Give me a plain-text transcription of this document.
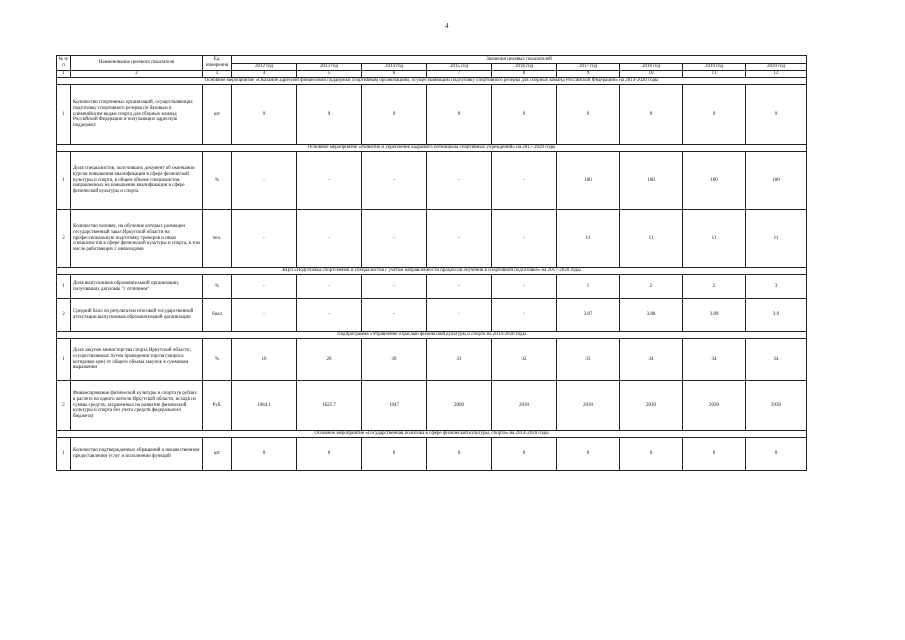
4
№ п/п	Наименование целевого показателя	Ед. измерения	Значения целевых показателей								
			2012 год	2013 год	2014 год	2015 год	2016 год	2017 год	2018 год	2019 год	2020 год
1	2	3	4	5	6	7	8	9	10	11	12
Основное мероприятие «Оказание адресной финансовой поддержки спортивным организациям, осуществляющим подготовку спортивного резерва для сборных команд Российской Федерации» на 2014-2020 годы											
1	Количество спортивных организаций, осуществляющих подготовку спортивного резерва по базовым и олимпийским видам спорта для сборных команд Российской Федерации и получающих адресную поддержку	шт	9	9	9	9	9	9	9	9	9
Основное мероприятие «Развитие и укрепление кадрового потенциала спортивных учреждений» на 2017-2020 годы											
1	Доля специалистов, получивших документ об окончании курсов повышения квалификации в сфере физической культуры и спорта, в общем объеме специалистов, направленных на повышение квалификации в сфере физической культуры и спорта	%	-	-	-	-	-	100	100	100	100
2	Количество человек, на обучение которых размещен государственный заказ Иркутской области на профессиональную подготовку тренеров и иных специалистов в сфере физической культуры и спорта, в том числе работающих с инвалидами	чел.	-	-	-	-	-	11	11	11	11
ВЦП «Подготовка спортсменов и специалистов с учетом направленности процессов обучения в спортивной подготовке» на 2017-2020 годы											
1	Доля выпускников образовательной организации, получивших дипломы "с отличием"	%	-	-	-	-	-	1	2	2	3
2	Средний балл по результатам итоговой государственной аттестации выпускников образовательной организации	балл	-	-	-	-	-	3.87	3.88	3.89	3.9
Подпрограмма «Управление отраслью физической культуры и спорта на 2014-2020 годы											
1	Доля закупок министерства спорта Иркутской области, осуществляемых путем проведения торгов (запроса котировок цен) от общего объема закупок в суммовом выражении	%	10	20	30	31	32	33	34	34	34
2	Финансирование физической культуры и спорта (в рублях в расчете на одного жителя Иркутской области, исходя из суммы средств, затраченных на развитие физической культуры и спорта без учета средств федерального бюджета)	Руб.	1084.1	1625.7	1947	2000	2030	2030	2030	2030	2030
Основное мероприятие «Государственная политика в сфере физической культуры, спорта» на 2014-2020 годы											
1	Количество подтвержденных обращений о некачественном предоставлении услуг и исполнении функций	шт	0	0	0	0	0	0	0	0	0
